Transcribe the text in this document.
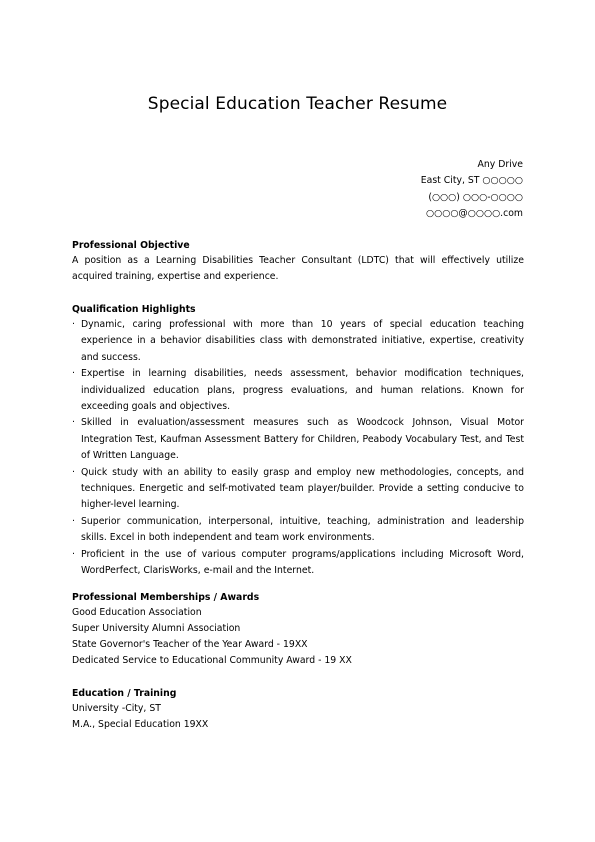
Special Education Teacher Resume
Any Drive
East City, ST ○○○○○
(○○○) ○○○-○○○○
○○○○@○○○○.com
Professional Objective
A position as a Learning Disabilities Teacher Consultant (LDTC) that will effectively utilize acquired training, expertise and experience.
Qualification Highlights
· Dynamic, caring professional with more than 10 years of special education teaching experience in a behavior disabilities class with demonstrated initiative, expertise, creativity and success.
· Expertise in learning disabilities, needs assessment, behavior modification techniques, individualized education plans, progress evaluations, and human relations. Known for exceeding goals and objectives.
· Skilled in evaluation/assessment measures such as Woodcock Johnson, Visual Motor Integration Test, Kaufman Assessment Battery for Children, Peabody Vocabulary Test, and Test of Written Language.
· Quick study with an ability to easily grasp and employ new methodologies, concepts, and techniques. Energetic and self-motivated team player/builder. Provide a setting conducive to higher-level learning.
· Superior communication, interpersonal, intuitive, teaching, administration and leadership skills. Excel in both independent and team work environments.
· Proficient in the use of various computer programs/applications including Microsoft Word, WordPerfect, ClarisWorks, e-mail and the Internet.
Professional Memberships / Awards
Good Education Association
Super University Alumni Association
State Governor's Teacher of the Year Award - 19XX
Dedicated Service to Educational Community Award - 19 XX
Education / Training
University -City, ST
M.A., Special Education 19XX
